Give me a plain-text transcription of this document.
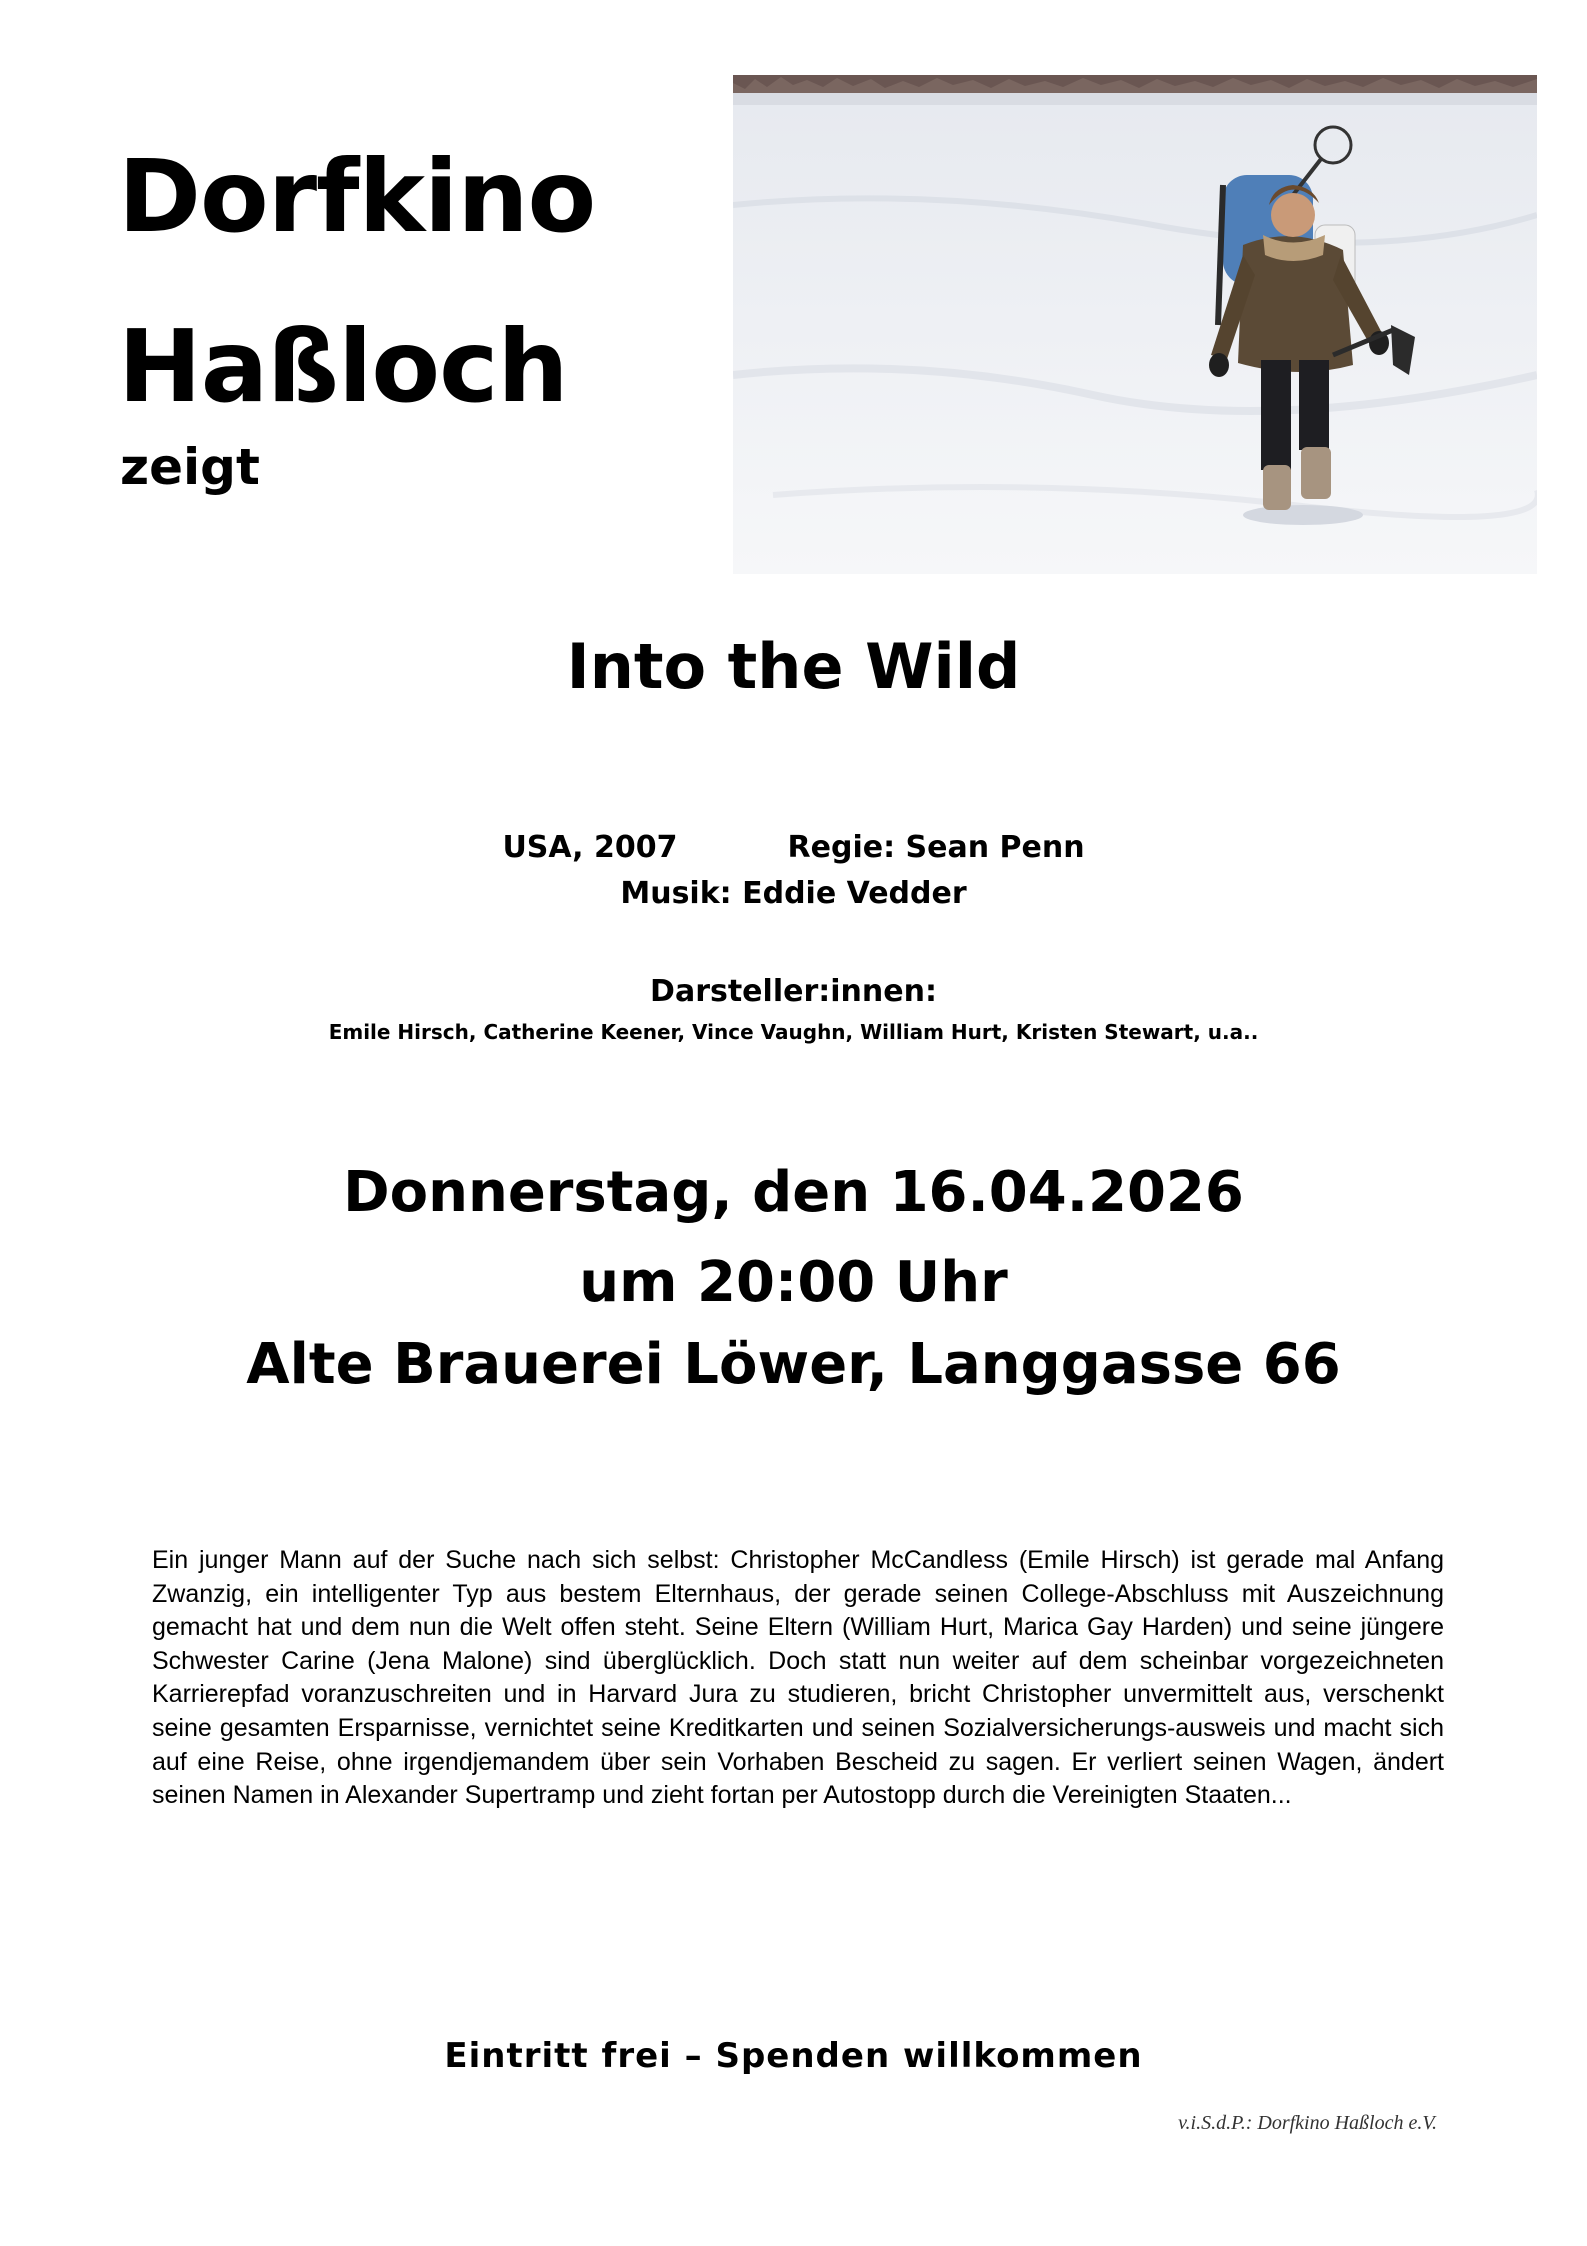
Dorfkino
Haßloch
zeigt
Into the Wild
USA, 2007	Regie: Sean Penn
Musik: Eddie Vedder
Darsteller:innen:
Emile Hirsch, Catherine Keener, Vince Vaughn, William Hurt, Kristen Stewart, u.a..
Donnerstag, den 16.04.2026
um 20:00 Uhr
Alte Brauerei Löwer, Langgasse 66

Ein junger Mann auf der Suche nach sich selbst: Christopher McCandless (Emile Hirsch) ist gerade mal Anfang Zwanzig, ein intelligenter Typ aus bestem Elternhaus, der gerade seinen College-Abschluss mit Auszeichnung gemacht hat und dem nun die Welt offen steht. Seine Eltern (William Hurt, Marica Gay Harden) und seine jüngere Schwester Carine (Jena Malone) sind überglücklich. Doch statt nun weiter auf dem scheinbar vorgezeichneten Karrierepfad voranzuschreiten und in Harvard Jura zu studieren, bricht Christopher unvermittelt aus, verschenkt seine gesamten Ersparnisse, vernichtet seine Kreditkarten und seinen Sozialversicherungs-ausweis und macht sich auf eine Reise, ohne irgendjemandem über sein Vorhaben Bescheid zu sagen. Er verliert seinen Wagen, ändert seinen Namen in Alexander Supertramp und zieht fortan per Autostopp durch die Vereinigten Staaten...

Eintritt frei – Spenden willkommen
v.i.S.d.P.: Dorfkino Haßloch e.V.
